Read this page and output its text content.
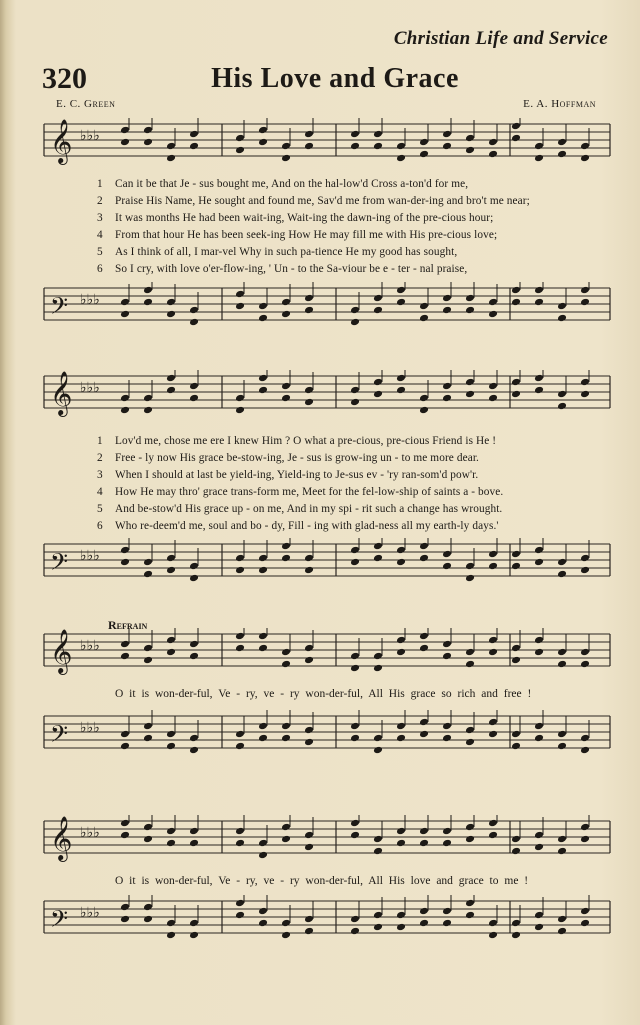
Christian Life and Service
320	His Love and Grace
E. C. Green	E. A. Hoffman
𝄞 ♭♭♭
𝄢 ♭♭♭
1 Can it be that Je - sus bought me, And on the hal-low'd Cross a-ton'd for me,
2 Praise His Name, He sought and found me, Sav'd me from wan-der-ing and bro't me near;
3 It was months He had been wait-ing, Wait-ing the dawn-ing of the pre-cious hour;
4 From that hour He has been seek-ing How He may fill me with His pre-cious love;
5 As I think of all, I mar-vel Why in such pa-tience He my good has sought,
6 So I cry, with love o'er-flow-ing, ' Un - to the Sa-viour be e - ter - nal praise,
𝄞 ♭♭♭
𝄢 ♭♭♭
1 Lov'd me, chose me ere I knew Him ? O what a pre-cious, pre-cious Friend is He !
2 Free - ly now His grace be-stow-ing, Je - sus is grow-ing un - to me more dear.
3 When I should at last be yield-ing, Yield-ing to Je-sus ev - 'ry ran-som'd pow'r.
4 How He may thro' grace trans-form me, Meet for the fel-low-ship of saints a - bove.
5 And be-stow'd His grace up - on me, And in my spi - rit such a change has wrought.
6 Who re-deem'd me, soul and bo - dy, Fill - ing with glad-ness all my earth-ly days.'
Refrain
𝄞 ♭♭♭
O it is won-der-ful, Ve - ry, ve - ry won-der-ful, All His grace so rich and free !
𝄢 ♭♭♭
𝄞 ♭♭♭
O it is won-der-ful, Ve - ry, ve - ry won-der-ful, All His love and grace to me !
𝄢 ♭♭♭
